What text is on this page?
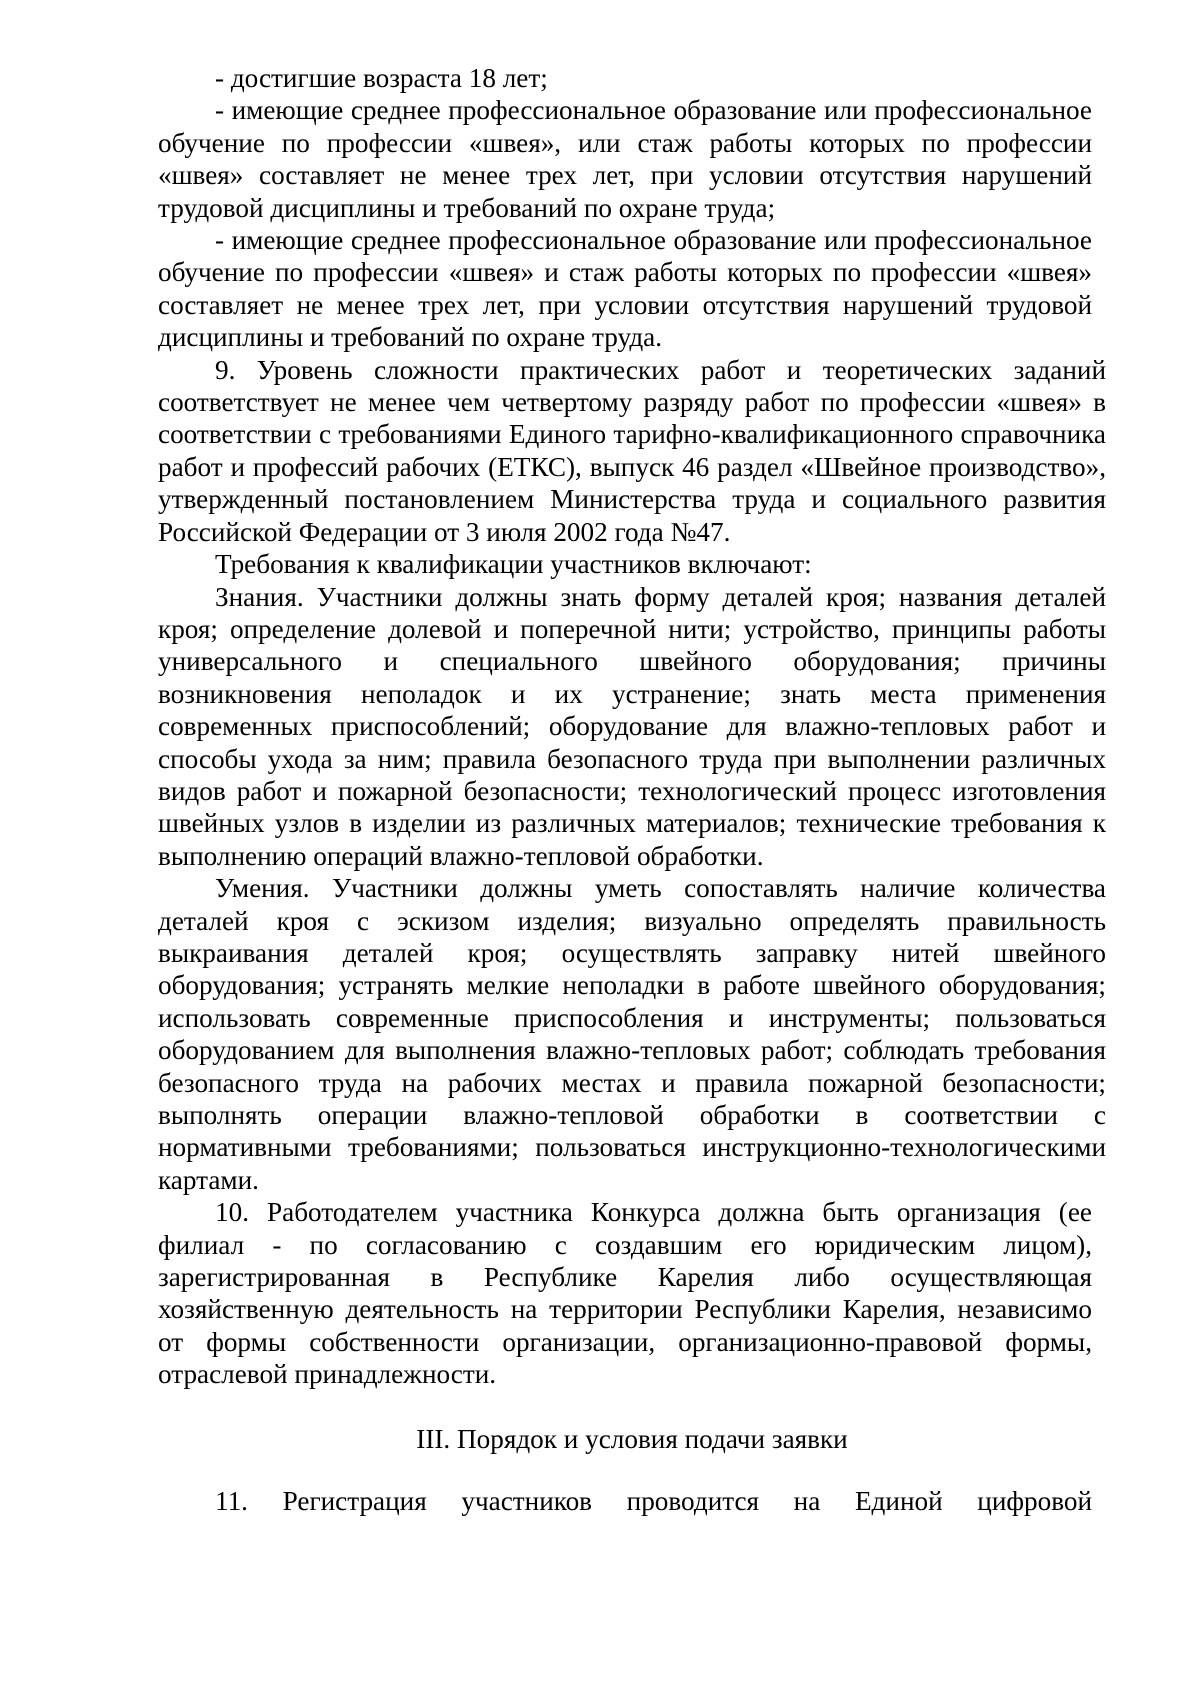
- достигшие возраста 18 лет;

- имеющие среднее профессиональное образование или профессиональное обучение по профессии «швея», или стаж работы которых по профессии «швея» составляет не менее трех лет, при условии отсутствия нарушений трудовой дисциплины и требований по охране труда;

- имеющие среднее профессиональное образование или профессиональное обучение по профессии «швея» и стаж работы которых по профессии «швея» составляет не менее трех лет, при условии отсутствия нарушений трудовой дисциплины и требований по охране труда.

9. Уровень сложности практических работ и теоретических заданий соответствует не менее чем четвертому разряду работ по профессии «швея» в соответствии с требованиями Единого тарифно-квалификационного справочника работ и профессий рабочих (ЕТКС), выпуск 46 раздел «Швейное производство», утвержденный постановлением Министерства труда и социального развития Российской Федерации от 3 июля 2002 года №47.

Требования к квалификации участников включают:

Знания. Участники должны знать форму деталей кроя; названия деталей кроя; определение долевой и поперечной нити; устройство, принципы работы универсального и специального швейного оборудования; причины возникновения неполадок и их устранение; знать места применения современных приспособлений; оборудование для влажно-тепловых работ и способы ухода за ним; правила безопасного труда при выполнении различных видов работ и пожарной безопасности; технологический процесс изготовления швейных узлов в изделии из различных материалов; технические требования к выполнению операций влажно-тепловой обработки.

Умения. Участники должны уметь сопоставлять наличие количества деталей кроя с эскизом изделия; визуально определять правильность выкраивания деталей кроя; осуществлять заправку нитей швейного оборудования; устранять мелкие неполадки в работе швейного оборудования; использовать современные приспособления и инструменты; пользоваться оборудованием для выполнения влажно-тепловых работ; соблюдать требования безопасного труда на рабочих местах и правила пожарной безопасности; выполнять операции влажно-тепловой обработки в соответствии с нормативными требованиями; пользоваться инструкционно-технологическими картами.

10. Работодателем участника Конкурса должна быть организация (ее филиал - по согласованию с создавшим его юридическим лицом), зарегистрированная в Республике Карелия либо осуществляющая хозяйственную деятельность на территории Республики Карелия, независимо от формы собственности организации, организационно-правовой формы, отраслевой принадлежности.

III. Порядок и условия подачи заявки

11. Регистрация участников проводится на Единой цифровой
